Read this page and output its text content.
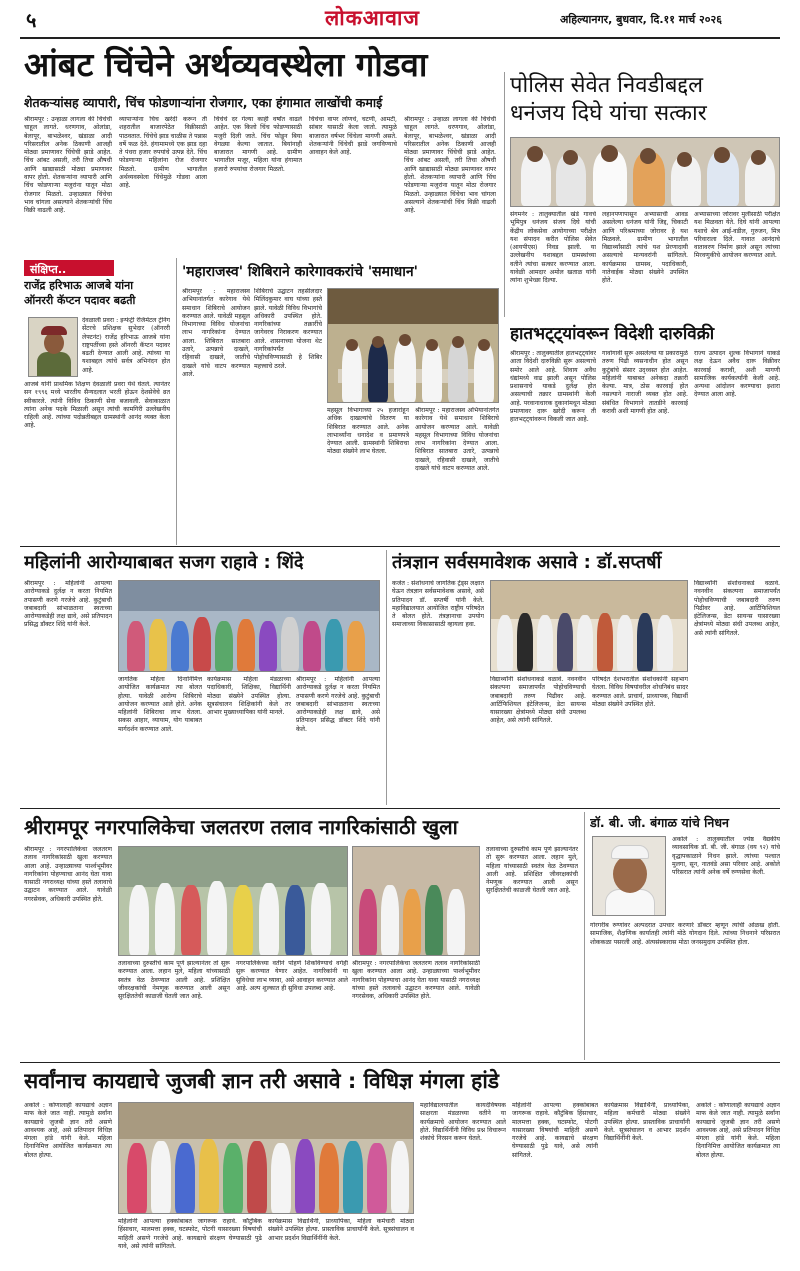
५	लोकआवाज	अहिल्यानगर, बुधवार, दि.११ मार्च २०२६
आंबट चिंचेने अर्थव्यवस्थेला गोडवा
शेतकऱ्यांसह व्यापारी, चिंच फोडणाऱ्यांना रोजगार, एका हंगामात लाखोंची कमाई
श्रीरामपूर : उन्हाळा लागला की चिंचेची चाहूल लागते. धरणगाव, ओलांडा, बेलापूर, बाभळेश्वर, खंडाळा आदी परिसरातील अनेक ठिकाणी आजही मोठ्या प्रमाणावर चिंचेची झाडे आहेत. चिंच आंबट असली, तरी तिचा औषधी आणि खाद्यासाठी मोठ्या प्रमाणावर वापर होतो. शेतकऱ्यांना व्यापारी आणि चिंच फोडणाऱ्या मजुरांना यातून मोठा रोजगार मिळतो. उन्हाळ्यात चिंचेचा भाव चांगला असल्याने शेतकऱ्यांची चिंच विक्री वाढली आहे.
व्यापाऱ्यांना चिंच खरेदी करून ती शहरातील बाजारपेठेत विक्रीसाठी पाठवतात. चिंचेचे झाड चाळीस ते पन्नास वर्षे फळ देते. हंगामामध्ये एक झाड दहा ते पंधरा हजार रुपयांचे उत्पन्न देते. चिंच फोडणाऱ्या महिलांना रोज रोजगार मिळतो. ग्रामीण भागातील अर्थव्यवस्थेला चिंचेमुळे गोडवा आला आहे.
चिंचेचे दर गेल्या काही वर्षांत वाढले आहेत. एक किलो चिंच फोडण्यासाठी मजुरी दिली जाते. चिंच फोडून बिया वेगळ्या केल्या जातात. बियांनाही बाजारात मागणी आहे. ग्रामीण भागातील मजूर, महिला यांना हंगामात हजारो रुपयांचा रोजगार मिळतो.
चिंचेचा वापर लोणचे, चटणी, आमटी, सांबार यासाठी केला जातो. त्यामुळे बाजारात वर्षभर चिंचेला मागणी असते. शेतकऱ्यांनी चिंचेची झाडे जगविण्याचे आवाहन केले आहे.
श्रीरामपूर : उन्हाळा लागला की चिंचेची चाहूल लागते. धरणगाव, ओलांडा, बेलापूर, बाभळेश्वर, खंडाळा आदी परिसरातील अनेक ठिकाणी आजही मोठ्या प्रमाणावर चिंचेची झाडे आहेत. चिंच आंबट असली, तरी तिचा औषधी आणि खाद्यासाठी मोठ्या प्रमाणावर वापर होतो. शेतकऱ्यांना व्यापारी आणि चिंच फोडणाऱ्या मजुरांना यातून मोठा रोजगार मिळतो. उन्हाळ्यात चिंचेचा भाव चांगला असल्याने शेतकऱ्यांची चिंच विक्री वाढली आहे.
पोलिस सेवेत निवडीबद्दल
धनंजय दिघे यांचा सत्कार
संगमनेर : तालुक्यातील खेडे गावचे भूमिपुत्र धनंजय संजय दिघे यांची केंद्रीय लोकसेवा आयोगाच्या परीक्षेत यश संपादन करीत पोलिस सेवेत (आयपीएस) निवड झाली. या उल्लेखनीय यशाबद्दल ग्रामस्थांच्या वतीने त्यांचा सत्कार करण्यात आला. यावेळी आमदार अमोल खताळ यांनी त्यांना शुभेच्छा दिल्या.
लहानपणापासून अभ्यासाची आवड असलेल्या धनंजय यांनी जिद्द, चिकाटी आणि परिश्रमाच्या जोरावर हे यश मिळवले. ग्रामीण भागातील विद्यार्थ्यांसाठी त्यांचे यश प्रेरणादायी असल्याचे मान्यवरांनी सांगितले. कार्यक्रमास ग्रामस्थ, पदाधिकारी, नातेवाईक मोठ्या संख्येने उपस्थित होते.
अभ्यासाच्या जोरावर मुलींसाठी परीक्षेत यश मिळवता येते. दिघे यांनी आपल्या यशाचे श्रेय आई-वडील, गुरुजन, मित्र परिवाराला दिले. गावात आनंदाचे वातावरण निर्माण झाले असून त्यांच्या मिरवणुकीचे आयोजन करण्यात आले.
संक्षिप्त..
राजेंद्र हरिभाऊ आजबे यांना
ऑनररी कॅप्टन पदावर बढती
देवळाली प्रवरा : इन्फंट्री रेजिमेंटल ट्रेनिंग सेंटरचे प्रशिक्षक सुभेदार (ऑनररी लेफ्टनंट) राजेंद्र हरिभाऊ आजबे यांना राष्ट्रपतींच्या हस्ते ऑनररी कॅप्टन पदावर बढती देण्यात आली आहे. त्यांच्या या यशाबद्दल त्यांचे सर्वत्र अभिनंदन होत आहे.
आजबे यांनी प्राथमिक शिक्षण देवळाली प्रवरा येथे घेतले. त्यानंतर सन १९९६ मध्ये भारतीय सैन्यदलात भरती होऊन देशसेवेचे व्रत स्वीकारले. त्यांनी विविध ठिकाणी सेवा बजावली. सेवाकाळात त्यांना अनेक पदके मिळाली असून त्यांची कामगिरी उल्लेखनीय राहिली आहे. त्यांच्या पदोन्नतीबद्दल ग्रामस्थांनी आनंद व्यक्त केला आहे.
'महाराजस्व' शिबिराने कारेगावकरांचे 'समाधान'
श्रीरामपूर : महाराजस्व अभियानांतर्गत कारेगाव येथे समाधान शिबिराचे आयोजन करण्यात आले. यावेळी महसूल विभागाच्या विविध योजनांचा लाभ नागरिकांना देण्यात आला. शिबिरात सातबारा उतारे, उत्पन्नाचे दाखले, रहिवासी दाखले, जातीचे दाखले यांचे वाटप करण्यात आले.
शिबिराचे उद्घाटन तहसीलदार मिलिंदकुमार वाघ यांच्या हस्ते झाले. यावेळी विविध विभागांचे अधिकारी उपस्थित होते. नागरिकांच्या तक्रारींचे जागेवरच निराकरण करण्यात आले. शासनाच्या योजना थेट नागरिकांपर्यंत पोहोचविण्यासाठी हे शिबिर महत्त्वाचे ठरले.
महसूल विभागाच्या २५ हजारांहून अधिक दाखल्यांचे वितरण या शिबिरात करण्यात आले. अनेक लाभार्थ्यांना धनादेश व प्रमाणपत्रे देण्यात आली. ग्रामस्थांनी शिबिराचा मोठ्या संख्येने लाभ घेतला.
श्रीरामपूर : महाराजस्व अभियानांतर्गत कारेगाव येथे समाधान शिबिराचे आयोजन करण्यात आले. यावेळी महसूल विभागाच्या विविध योजनांचा लाभ नागरिकांना देण्यात आला. शिबिरात सातबारा उतारे, उत्पन्नाचे दाखले, रहिवासी दाखले, जातीचे दाखले यांचे वाटप करण्यात आले.
हातभट्ट्यांवरून विदेशी दारुविक्री
श्रीरामपूर : तालुक्यातील हातभट्ट्यांवर आता विदेशी दारुविक्री सुरू असल्याचे समोर आले आहे. शिवाय अवैध धंद्यांमध्ये वाढ झाली असून पोलिस प्रशासनाचे याकडे दुर्लक्ष होत असल्याची तक्रार ग्रामस्थांनी केली आहे. परवानाधारक दुकानांमधून मोठ्या प्रमाणावर दारू खरेदी करून ती हातभट्ट्यांवरून विकली जात आहे.
गावोगावी सुरू असलेल्या या प्रकारामुळे तरुण पिढी व्यसनाधीन होत असून कुटुंबांचे संसार उद्ध्वस्त होत आहेत. महिलांनी याबाबत अनेकदा तक्रारी केल्या. मात्र, ठोस कारवाई होत नसल्याने नाराजी व्यक्त होत आहे. संबंधित विभागाने तातडीने कारवाई करावी अशी मागणी होत आहे.
राज्य उत्पादन शुल्क विभागाने याकडे लक्ष देऊन अवैध दारू विक्रीवर कारवाई करावी, अशी मागणी सामाजिक कार्यकर्त्यांनी केली आहे. अन्यथा आंदोलन करण्याचा इशारा देण्यात आला आहे.
महिलांनी आरोग्याबाबत सजग राहावे : शिंदे
श्रीरामपूर : महिलांनी आपल्या आरोग्याकडे दुर्लक्ष न करता नियमित तपासणी करणे गरजेचे आहे. कुटुंबाची जबाबदारी सांभाळताना स्वतःच्या आरोग्याकडेही लक्ष द्यावे, असे प्रतिपादन प्रसिद्ध डॉक्टर शिंदे यांनी केले.
जागतिक महिला दिनानिमित्त आयोजित कार्यक्रमात त्या बोलत होत्या. यावेळी आरोग्य शिबिराचे आयोजन करण्यात आले होते. अनेक महिलांनी शिबिराचा लाभ घेतला. सकस आहार, व्यायाम, योग याबाबत मार्गदर्शन करण्यात आले.
कार्यक्रमास महिला मंडळाच्या पदाधिकारी, शिक्षिका, विद्यार्थिनी मोठ्या संख्येने उपस्थित होत्या. सूत्रसंचालन शिक्षिकांनी केले तर आभार मुख्याध्यापिका यांनी मानले.
श्रीरामपूर : महिलांनी आपल्या आरोग्याकडे दुर्लक्ष न करता नियमित तपासणी करणे गरजेचे आहे. कुटुंबाची जबाबदारी सांभाळताना स्वतःच्या आरोग्याकडेही लक्ष द्यावे, असे प्रतिपादन प्रसिद्ध डॉक्टर शिंदे यांनी केले.
तंत्रज्ञान सर्वसमावेशक असावे : डॉ.सप्तर्षी
कर्जत : संशोधनाचे जागतिक ट्रेंड्स लक्षात घेऊन तंत्रज्ञान सर्वसमावेशक असावे, असे प्रतिपादन डॉ. सप्तर्षी यांनी केले. महाविद्यालयात आयोजित राष्ट्रीय परिषदेत ते बोलत होते. तंत्रज्ञानाचा उपयोग समाजाच्या विकासासाठी व्हायला हवा.
विद्यार्थ्यांनी संशोधनाकडे वळावे. नवनवीन संकल्पना समाजापर्यंत पोहोचविण्याची जबाबदारी तरुण पिढीवर आहे. आर्टिफिशियल इंटेलिजन्स, डेटा सायन्स यासारख्या क्षेत्रांमध्ये मोठ्या संधी उपलब्ध आहेत, असे त्यांनी सांगितले.
परिषदेत देशभरातील संशोधकांनी सहभाग घेतला. विविध विषयांवरील शोधनिबंध सादर करण्यात आले. प्राचार्य, प्राध्यापक, विद्यार्थी मोठ्या संख्येने उपस्थित होते.
विद्यार्थ्यांनी संशोधनाकडे वळावे. नवनवीन संकल्पना समाजापर्यंत पोहोचविण्याची जबाबदारी तरुण पिढीवर आहे. आर्टिफिशियल इंटेलिजन्स, डेटा सायन्स यासारख्या क्षेत्रांमध्ये मोठ्या संधी उपलब्ध आहेत, असे त्यांनी सांगितले.
श्रीरामपूर नगरपालिकेचा जलतरण तलाव नागरिकांसाठी खुला
श्रीरामपूर : नगरपालिकेचा जलतरण तलाव नागरिकांसाठी खुला करण्यात आला आहे. उन्हाळ्याच्या पार्श्वभूमीवर नागरिकांना पोहण्याचा आनंद घेता यावा यासाठी नगराध्यक्ष यांच्या हस्ते तलावाचे उद्घाटन करण्यात आले. यावेळी नगरसेवक, अधिकारी उपस्थित होते.
तलावाच्या दुरुस्तीचे काम पूर्ण झाल्यानंतर तो सुरू करण्यात आला. लहान मुले, महिला यांच्यासाठी स्वतंत्र वेळ ठेवण्यात आली आहे. प्रशिक्षित जीवरक्षकांची नेमणूक करण्यात आली असून सुरक्षिततेची काळजी घेतली जात आहे.
नगरपालिकेच्या वतीने पोहणे शिकविण्याचे वर्गही सुरू करण्यात येणार आहेत. नागरिकांनी या सुविधेचा लाभ घ्यावा, असे आवाहन करण्यात आले आहे. अल्प शुल्कात ही सुविधा उपलब्ध आहे.
श्रीरामपूर : नगरपालिकेचा जलतरण तलाव नागरिकांसाठी खुला करण्यात आला आहे. उन्हाळ्याच्या पार्श्वभूमीवर नागरिकांना पोहण्याचा आनंद घेता यावा यासाठी नगराध्यक्ष यांच्या हस्ते तलावाचे उद्घाटन करण्यात आले. यावेळी नगरसेवक, अधिकारी उपस्थित होते.
तलावाच्या दुरुस्तीचे काम पूर्ण झाल्यानंतर तो सुरू करण्यात आला. लहान मुले, महिला यांच्यासाठी स्वतंत्र वेळ ठेवण्यात आली आहे. प्रशिक्षित जीवरक्षकांची नेमणूक करण्यात आली असून सुरक्षिततेची काळजी घेतली जात आहे.
डॉ. बी. जी. बंगाळ यांचे निधन
अकोले : तालुक्यातील ज्येष्ठ वैद्यकीय व्यावसायिक डॉ. बी. जी. बंगाळ (वय ९२) यांचे वृद्धापकाळाने निधन झाले. त्यांच्या पश्चात मुलगा, सून, नातवंडे असा परिवार आहे. अकोले परिसरात त्यांनी अनेक वर्षे रुग्णसेवा केली.
गोरगरीब रुग्णांवर अल्पदरात उपचार करणारे डॉक्टर म्हणून त्यांची ओळख होती. सामाजिक, शैक्षणिक कार्यातही त्यांनी मोठे योगदान दिले. त्यांच्या निधनाने परिसरात शोककळा पसरली आहे. अंत्यसंस्कारास मोठा जनसमुदाय उपस्थित होता.
सर्वांनाच कायद्याचे जुजबी ज्ञान तरी असावे : विधिज्ञ मंगला हांडे
अकोले : कोणालाही कायद्याचे अज्ञान माफ केले जात नाही. त्यामुळे सर्वांना कायद्याचे जुजबी ज्ञान तरी असणे आवश्यक आहे, असे प्रतिपादन विधिज्ञ मंगला हांडे यांनी केले. महिला दिनानिमित्त आयोजित कार्यक्रमात त्या बोलत होत्या.
महिलांनी आपल्या हक्कांबाबत जागरूक राहावे. कौटुंबिक हिंसाचार, मालमत्ता हक्क, घटस्फोट, पोटगी यासारख्या विषयांची माहिती असणे गरजेचे आहे. कायद्याचे संरक्षण घेण्यासाठी पुढे यावे, असे त्यांनी सांगितले.
कार्यक्रमास विद्यार्थिनी, प्राध्यापिका, महिला कर्मचारी मोठ्या संख्येने उपस्थित होत्या. प्रास्ताविक प्राचार्यांनी केले. सूत्रसंचालन व आभार प्रदर्शन विद्यार्थिनींनी केले.
महाविद्यालयातील कायदेविषयक साक्षरता मंडळाच्या वतीने या कार्यक्रमाचे आयोजन करण्यात आले होते. विद्यार्थिनींनी विविध प्रश्न विचारून शंकांचे निरसन करून घेतले.
महिलांनी आपल्या हक्कांबाबत जागरूक राहावे. कौटुंबिक हिंसाचार, मालमत्ता हक्क, घटस्फोट, पोटगी यासारख्या विषयांची माहिती असणे गरजेचे आहे. कायद्याचे संरक्षण घेण्यासाठी पुढे यावे, असे त्यांनी सांगितले.
कार्यक्रमास विद्यार्थिनी, प्राध्यापिका, महिला कर्मचारी मोठ्या संख्येने उपस्थित होत्या. प्रास्ताविक प्राचार्यांनी केले. सूत्रसंचालन व आभार प्रदर्शन विद्यार्थिनींनी केले.
अकोले : कोणालाही कायद्याचे अज्ञान माफ केले जात नाही. त्यामुळे सर्वांना कायद्याचे जुजबी ज्ञान तरी असणे आवश्यक आहे, असे प्रतिपादन विधिज्ञ मंगला हांडे यांनी केले. महिला दिनानिमित्त आयोजित कार्यक्रमात त्या बोलत होत्या.
